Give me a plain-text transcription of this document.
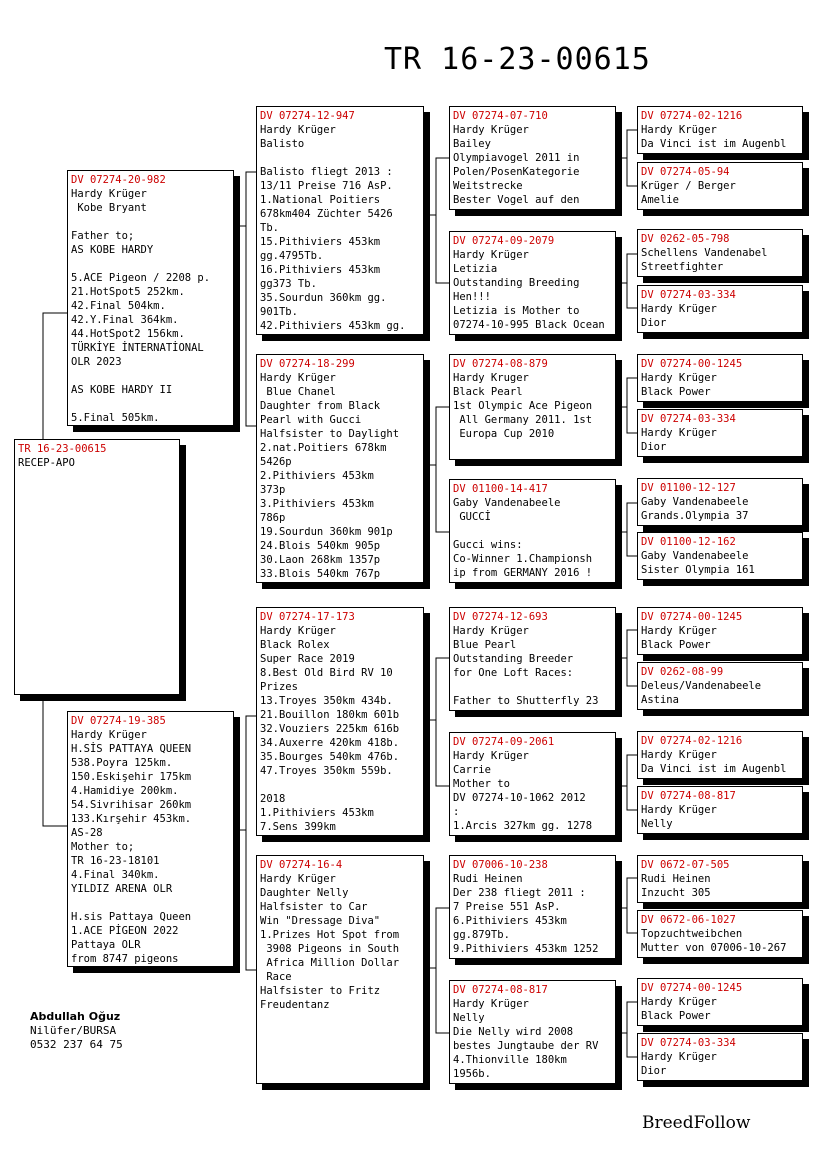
TR 16-23-00615
TR 16-23-00615
RECEP-APO
DV 07274-20-982
Hardy Krüger
Kobe Bryant
Father to;
AS KOBE HARDY
5.ACE Pigeon / 2208 p.
21.HotSpot5 252km.
42.Final 504km.
42.Y.Final 364km.
44.HotSpot2 156km.
TÜRKİYE İNTERNATİONAL
OLR 2023
AS KOBE HARDY II
5.Final 505km.
DV 07274-19-385
Hardy Krüger
H.SİS PATTAYA QUEEN
538.Poyra 125km.
150.Eskişehir 175km
4.Hamidiye 200km.
54.Sivrihisar 260km
133.Kırşehir 453km.
AS-28
Mother to;
TR 16-23-18101
4.Final 340km.
YILDIZ ARENA OLR
H.sis Pattaya Queen
1.ACE PİGEON 2022
Pattaya OLR
from 8747 pigeons
DV 07274-12-947
Hardy Krüger
Balisto
Balisto fliegt 2013 :
13/11 Preise 716 AsP.
1.National Poitiers
678km404 Züchter 5426
Tb.
15.Pithiviers 453km
gg.4795Tb.
16.Pithiviers 453km
gg373 Tb.
35.Sourdun 360km gg.
901Tb.
42.Pithiviers 453km gg.
DV 07274-18-299
Hardy Krüger
Blue Chanel
Daughter from Black
Pearl with Gucci
Halfsister to Daylight
2.nat.Poitiers 678km
5426p
2.Pithiviers 453km
373p
3.Pithiviers 453km
786p
19.Sourdun 360km 901p
24.Blois 540km 905p
30.Laon 268km 1357p
33.Blois 540km 767p
DV 07274-17-173
Hardy Krüger
Black Rolex
Super Race 2019
8.Best Old Bird RV 10
Prizes
13.Troyes 350km 434b.
21.Bouillon 180km 601b
32.Vouziers 225km 616b
34.Auxerre 420km 418b.
35.Bourges 540km 476b.
47.Troyes 350km 559b.
2018
1.Pithiviers 453km
7.Sens 399km
DV 07274-16-4
Hardy Krüger
Daughter Nelly
Halfsister to Car
Win "Dressage Diva"
1.Prizes Hot Spot from
3908 Pigeons in South
Africa Million Dollar
Race
Halfsister to Fritz
Freudentanz
DV 07274-07-710
Hardy Krüger
Bailey
Olympiavogel 2011 in
Polen/PosenKategorie
Weitstrecke
Bester Vogel auf den
DV 07274-09-2079
Hardy Krüger
Letizia
Outstanding Breeding
Hen!!!
Letizia is Mother to
07274-10-995 Black Ocean
DV 07274-08-879
Hardy Kruger
Black Pearl
1st Olympic Ace Pigeon
All Germany 2011. 1st
Europa Cup 2010
DV 01100-14-417
Gaby Vandenabeele
GUCCİ
Gucci wins:
Co-Winner 1.Championsh
ip from GERMANY 2016 !
DV 07274-12-693
Hardy Krüger
Blue Pearl
Outstanding Breeder
for One Loft Races:
Father to Shutterfly 23
DV 07274-09-2061
Hardy Krüger
Carrie
Mother to
DV 07274-10-1062 2012
:
1.Arcis 327km gg. 1278
DV 07006-10-238
Rudi Heinen
Der 238 fliegt 2011 :
7 Preise 551 AsP.
6.Pithiviers 453km
gg.879Tb.
9.Pithiviers 453km 1252
DV 07274-08-817
Hardy Krüger
Nelly
Die Nelly wird 2008
bestes Jungtaube der RV
4.Thionville 180km
1956b.
DV 07274-02-1216
Hardy Krüger
Da Vinci ist im Augenbl
DV 07274-05-94
Krüger / Berger
Amelie
DV 0262-05-798
Schellens Vandenabel
Streetfighter
DV 07274-03-334
Hardy Krüger
Dior
DV 07274-00-1245
Hardy Krüger
Black Power
DV 07274-03-334
Hardy Krüger
Dior
DV 01100-12-127
Gaby Vandenabeele
Grands.Olympia 37
DV 01100-12-162
Gaby Vandenabeele
Sister Olympia 161
DV 07274-00-1245
Hardy Krüger
Black Power
DV 0262-08-99
Deleus/Vandenabeele
Astina
DV 07274-02-1216
Hardy Krüger
Da Vinci ist im Augenbl
DV 07274-08-817
Hardy Krüger
Nelly
DV 0672-07-505
Rudi Heinen
Inzucht 305
DV 0672-06-1027
Topzuchtweibchen
Mutter von 07006-10-267
DV 07274-00-1245
Hardy Krüger
Black Power
DV 07274-03-334
Hardy Krüger
Dior
Abdullah Oğuz
Nilüfer/BURSA
0532 237 64 75
BreedFollow
